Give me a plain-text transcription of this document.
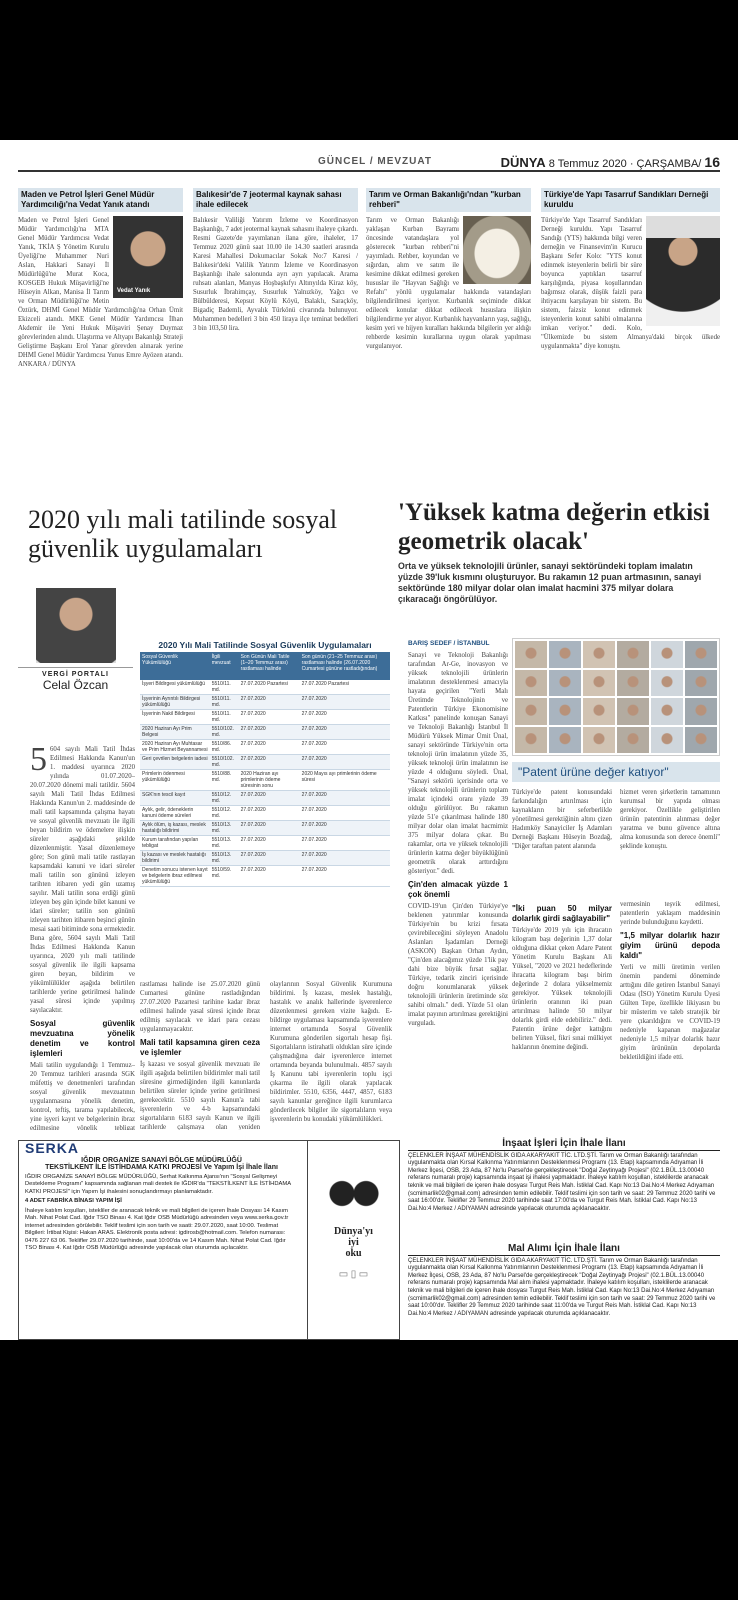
GÜNCEL / MEVZUAT	DÜNYA 8 Temmuz 2020 · ÇARŞAMBA/ 16
Maden ve Petrol İşleri Genel Müdür Yardımcılığı'na Vedat Yanık atandı
Vedat Yanık

Maden ve Petrol İşleri Genel Müdür Yardımcılığı'na MTA Genel Müdür Yardımcısı Vedat Yanık, TKİA Ş Yönetim Kurulu Üyeliği'ne Muhammer Nuri Aslan, Hakkari Sanayi İl Müdürlüğü'ne Murat Koca, KOSGEB Hukuk Müşavirliği'ne Hüseyin Alkan, Manisa İl Tarım ve Orman Müdürlüğü'ne Metin Öztürk, DHMİ Genel Müdür Yardımcılığı'na Orhan Ümit Ekizceli atandı. MKE Genel Müdür Yardımcısı İlhan Akdemir ile Yeni Hukuk Müşaviri Şenay Duymaz görevlerinden alındı. Ulaştırma ve Altyapı Bakanlığı Strateji Geliştirme Başkanı Erol Yanar görevden alınarak yerine DHMİ Genel Müdür Yardımcısı Yunus Emre Ayözen atandı. ANKARA / DÜNYA

Balıkesir'de 7 jeotermal kaynak sahası ihale edilecek

Balıkesir Valiliği Yatırım İzleme ve Koordinasyon Başkanlığı, 7 adet jeotermal kaynak sahasını ihaleye çıkardı. Resmi Gazete'de yayımlanan ilana göre, ihaleler, 17 Temmuz 2020 günü saat 10.00 ile 14.30 saatleri arasında Karesi Mahallesi Dokumacılar Sokak No:7 Karesi / Balıkesir'deki Valilik Yatırım İzleme ve Koordinasyon Başkanlığı ihale salonunda ayrı ayrı yapılacak. Arama ruhsatı alanları, Manyas Hoşbaşkıfyı Altınyılda Kiraz köy, Susurluk İbrahimçay, Susurluk Yalnızköy, Yağcı ve Bülbülderesi, Kepsut Köylü Köyü, Balaklı, Saraçköy, Bigadiç Bademli, Ayvalık Türkönü civarında bulunuyor. Muhammen bedelleri 3 bin 450 liraya ilçe teminat bedelleri 3 bin 103,50 lira.

Tarım ve Orman Bakanlığı'ndan "kurban rehberi"

Tarım ve Orman Bakanlığı yaklaşan Kurban Bayramı öncesinde vatandaşlara yol gösterecek "kurban rehberi"ni yayımladı. Rehber, koyundan ve sığırdan, alım ve satım ile kesimine dikkat edilmesi gereken hususlar ile "Hayvan Sağlığı ve Refahı" yönlü uygulamalar hakkında vatandaşları bilgilendirilmesi içeriyor. Kurbanlık seçiminde dikkat edilecek konular dikkat edilecek hususlara ilişkin bilgilendirme yer alıyor. Kurbanlık hayvanların yaşı, sağlığı, kesim yeri ve hijyen kuralları hakkında bilgilerin yer aldığı rehberde kesimin kurallarına uygun olarak yapılması vurgulanıyor.

Türkiye'de Yapı Tasarruf Sandıkları Derneği kuruldu

Türkiye'de Yapı Tasarruf Sandıkları Derneği kuruldu. Yapı Tasarruf Sandığı (YTS) hakkında bilgi veren derneğin ve Finansevim'in Kurucu Başkanı Sefer Kolo: "YTS konut edinmek isteyenlerin belirli bir süre boyunca yaptıkları tasarruf karşılığında, piyasa koşullarından bağımsız olarak, düşük faizli para ihtiyacını karşılayan bir sistem. Bu sistem, faizsiz konut edinmek isteyenlerin konut sahibi olmalarına imkan veriyor." dedi. Kolo, "Ülkemizde bu sistem Almanya'daki birçok ülkede uygulanmakta" diye konuştu.

2020 yılı mali tatilinde sosyal güvenlik uygulamaları
VERGİ PORTALI
Celal Özcan
5 604 sayılı Mali Tatil İhdas Edilmesi Hakkında Kanun'un 1. maddesi uyarınca 2020 yılında 01.07.2020–20.07.2020 dönemi mali tatildir. 5604 sayılı Mali Tatil İhdas Edilmesi Hakkında Kanun'un 2. maddesinde de mali tatil kapsamında çalışma hayatı ve sosyal güvenlik mevzuatı ile ilgili beyan bildirim ve ödemelere ilişkin süreler aşağıdaki şekilde düzenlenmiştir. Yasal düzenlemeye göre; Son günü mali tatile rastlayan kapsamdaki kanuni ve idari süreler mali tatilin son gününü izleyen tarihten itibaren yedi gün uzamış sayılır. Mali tatilin sona erdiği günü izleyen beş gün içinde bilet kanuni ve idari süreler; tatilin son gününü izleyen tarihten itibaren beşinci günün mesai saati bitiminde sona ermektedir. Buna göre, 5604 sayılı Mali Tatil İhdas Edilmesi Hakkında Kanun uyarınca, 2020 yılı mali tatilinde sosyal güvenlik ile ilgili kapsama giren beyan, bildirim ve yükümlülükler aşağıda belirtilen tarihlerde yerine getirilmesi halinde yasal süresi içinde yapılmış sayılacaktır.
Sosyal güvenlik mevzuatına yönelik denetim ve kontrol işlemleri
Mali tatilin uygulandığı 1 Temmuz–20 Temmuz tarihleri arasında SGK müfettiş ve denetmenleri tarafından sosyal güvenlik mevzuatının uygulanmasına yönelik denetim, kontrol, teftiş, tarama yapılabilecek, yine işyeri kayıt ve belgelerinin ibraz edilmesine yönelik tebligat
2020 Yılı Mali Tatilinde Sosyal Güvenlik Uygulamaları
Sosyal Güvenlik Yükümlülüğü	İlgili mevzuat	Son Günün Mali Tatile (1–20 Temmuz arası) rastlaması halinde	Son günün (21–25 Temmuz arası) rastlaması halinde (26.07.2020 Cumartesi gününe rastladığından)
İşyeri Bildirgesi yükümlülüğü	5510/11. md.	27.07.2020 Pazartesi	27.07.2020 Pazartesi
İşyerinin Ayrıntılı Bildirgesi yükümlülüğü	5510/11. md.	27.07.2020	27.07.2020
İşyerinin Nakil Bildirgesi	5510/11. md.	27.07.2020	27.07.2020
2020 Haziran Ayı Prim Belgesi	5510/102. md.	27.07.2020	27.07.2020
2020 Haziran Ayı Muhtasar ve Prim Hizmet Beyannamesi	5510/86. md.	27.07.2020	27.07.2020
Geri çevrilen belgelerin iadesi	5510/102. md.	27.07.2020	27.07.2020
Primlerin ödenmesi yükümlülüğü	5510/88. md.	2020 Haziran ayı primlerinin ödeme süresinin sonu	2020 Mayıs ayı primlerinin ödeme süresi
SGK'nın tescil kayıt	5510/12. md.	27.07.2020	27.07.2020
Aylık, gelir, ödeneklerin kanuni ödeme süreleri	5510/12. md.	27.07.2020	27.07.2020
Aylık ölüm, iş kazası, meslek hastalığı bildirimi	5510/13. md.	27.07.2020	27.07.2020
Kurum tarafından yapılan tebligat	5510/13. md.	27.07.2020	27.07.2020
İş kazası ve meslek hastalığı bildirimi	5510/13. md.	27.07.2020	27.07.2020
Denetim sonucu istenen kayıt ve belgelerin ibraz edilmesi yükümlülüğü	5510/59. md.	27.07.2020	27.07.2020
rastlaması halinde ise 25.07.2020 günü Cumartesi gününe rastladığından 27.07.2020 Pazartesi tarihine kadar ibraz edilmesi halinde yasal süresi içinde ibraz edilmiş sayılacak ve idari para cezası uygulanmayacaktır.
Mali tatil kapsamına giren ceza ve işlemler
İş kazası ve sosyal güvenlik mevzuatı ile ilgili aşağıda belirtilen bildirimler mali tatil süresine girmediğinden ilgili kanunlarda belirtilen süreler içinde yerine getirilmesi gerekecektir. 5510 sayılı Kanun'a tabi işverenlerin ve 4-b kapsamındaki sigortalıların 6183 sayılı Kanun ve ilgili tarihlerde çalışmaya olan yeniden
olaylarının Sosyal Güvenlik Kurumuna bildirimi. İş kazası, meslek hastalığı, hastalık ve analık hallerinde işverenlerce düzenlenmesi gereken vizite kağıdı. E-bildirge uygulaması kapsamında işverenlere internet ortamında Sosyal Güvenlik Kurumuna gönderilen sigortalı hesap fişi. Sigortalıların istirahatli olduklan süre içinde çalışmadığına dair işverenlerce internet ortamında beyanda bulunulmalı. 4857 sayılı İş Kanunu tabi işverenlerin toplu işçi çıkarma ile ilgili olarak yapılacak bildirimler. 5510, 6356, 4447, 4857, 6183 sayılı kanunlar gereğince ilgili kurumlarca gönderilecek bilgiler ile sigortalıların veya işverenlerin bu konudaki yükümlülükleri.
'Yüksek katma değerin etkisi geometrik olacak'
Orta ve yüksek teknolojili ürünler, sanayi sektöründeki toplam imalatın yüzde 39'luk kısmını oluşturuyor. Bu rakamın 12 puan artmasının, sanayi sektöründe 180 milyar dolar olan imalat hacmini 375 milyar dolara çıkaracağı öngörülüyor.
BARIŞ SEDEF / İSTANBUL
Sanayi ve Teknoloji Bakanlığı tarafından Ar-Ge, inovasyon ve yüksek teknolojili ürünlerin imalatının desteklenmesi amacıyla hayata geçirilen "Yerli Malı Üretimde Teknolojinin ve Patentlerin Türkiye Ekonomisine Katkısı" panelinde konuşan Sanayi ve Teknoloji Bakanlığı İstanbul İl Müdürü Yüksek Mimar Ümit Ünal, sanayi sektöründe Türkiye'nin orta teknoloji ürün imalatının yüzde 35, yüksek teknoloji ürün imalatının ise yüzde 4 olduğunu söyledi. Ünal, "Sanayi sektörü içerisinde orta ve yüksek teknolojili ürünlerin toplam imalat içindeki oranı yüzde 39 olduğu görülüyor. Bu rakamın yüzde 51'e çıkarılması halinde 180 milyar dolar olan imalat hacmimiz 375 milyar dolara çıkar. Bu rakamlar, orta ve yüksek teknolojili ürünlerin katma değer büyüklüğünü geometrik olarak arttırdığını gösteriyor." dedi.
Çin'den almacak yüzde 1 çok önemli
COVID-19'un Çin'den Türkiye'ye beklenen yatırımlar konusunda Türkiye'nin bu krizi fırsata çevirebileceğini söyleyen Anadolu Aslanları İşadamları Derneği (ASKON) Başkan Orhan Aydın, "Çin'den alacağımız yüzde 1'lik pay dahi bize büyük fırsat sağlar. Türkiye, tedarik zinciri içerisinde doğru konumlanarak yüksek teknolojili ürünlerin üretiminde söz sahibi olmalı." dedi. Yüzde 51 olan imalat payının artırılması gerektiğini vurguladı.
"Patent ürüne değer katıyor"
Türkiye'de patent konusundaki farkındalığın artırılması için kaynakların bir seferberlikle yönetilmesi gerektiğinin altını çizen Hadımköy Sanayiciler İş Adamları Derneği Başkanı Hüseyin Bozdağ, "Diğer taraftan patent alanında
hizmet veren şirketlerin tamamının kurumsal bir yapıda olması gerekiyor. Özellikle geliştirilen ürünün patentinin alınması değer yaratma ve bunu güvence altına alma konusunda son derece önemli" şeklinde konuştu.
"İki puan 50 milyar dolarlık girdi sağlayabilir"
Türkiye'de 2019 yılı için ihracatın kilogram başı değerinin 1,37 dolar olduğuna dikkat çeken Adare Patent Yönetim Kurulu Başkanı Ali Yüksel, "2020 ve 2021 hedeflerinde ihracatta kilogram başı birim değerinde 2 dolara yükselmemiz gerekiyor. Yüksek teknolojili ürünlerin oranının iki puan artırılması halinde 50 milyar dolarlık girdi elde edebiliriz." dedi. Patentin ürüne değer kattığını belirten Yüksel, fikri sınai mülkiyet haklarının önemine değindi.
vermesinin teşvik edilmesi, patentlerin yaklaşım maddesinin yerinde bulunduğunu kaydetti.
"1,5 milyar dolarlık hazır giyim ürünü depoda kaldı"
Yerli ve milli üretimin verilen önemin pandemi döneminde arttığını dile getiren İstanbul Sanayi Odası (İSO) Yönetim Kurulu Üyesi Gülten Tepe, özellikle likiyasın bu bir müsterim ve taleb stratejik bir yere çıkarıldığını ve COVID-19 nedeniyle kapanan mağazalar nedeniyle 1,5 milyar dolarlık hazır giyim ürününün depolarda bekletildiğini ifade etti.
SERKA
IĞDIR ORGANİZE SANAYİ BÖLGE MÜDÜRLÜĞÜ
TEKSTİLKENT İLE İSTİHDAMA KATKI PROJESİ Ve Yapım İşi İhale İlanı
IĞDIR ORGANİZE SANAYİ BÖLGE MÜDÜRLÜĞÜ, Serhat Kalkınma Ajansı'nın "Sosyal Gelişmeyi Destekleme Programı" kapsamında sağlanan mali destek ile IĞDIR'da "TEKSTİLKENT İLE İSTİHDAMA KATKI PROJESİ" için Yapım İşi ihalesini sonuçlandırmayı planlamaktadır.
4 ADET FABRİKA BİNASI YAPIM İŞİ
İhaleye katılım koşulları, istekliler de aranacak teknik ve mali bilgileri de içeren İhale Dosyası 14 Kasım Mah. Nihat Polat Cad. Iğdır TSO Binası 4. Kat Iğdır OSB Müdürlüğü adresinden veya www.serka.gov.tr internet adresinden görülebilir. Teklif teslimi için son tarih ve saati: 29.07.2020, saat 10:00. Teslimat Bilgileri: İrtibat Kişisi: Hakan ARAS. Elektronik posta adresi: igdirosb@hotmail.com. Telefon numarası: 0476 227 63 06. Teklifler 29.07.2020 tarihinde, saat 10:00'da ve 14 Kasım Mah. Nihat Polat Cad. Iğdır TSO Binası 4. Kat Iğdır OSB Müdürlüğü adresinde yapılacak olan oturumda açılacaktır.
Dünya'yı
iyi
oku
▭ ▯ ▭
İnşaat İşleri İçin İhale İlanı
ÇELENKLER İNŞAAT MÜHENDİSLİK GIDA AKARYAKIT TİC. LTD.ŞTİ. Tarım ve Orman Bakanlığı tarafından uygulanmakta olan Kırsal Kalkınma Yatırımlarının Desteklenmesi Programı (13. Etap) kapsamında Adıyaman İli Merkez İlçesi, OSB, 23 Ada, 87 No'lu Parsel'de gerçekleştirecek "Doğal Zeytinyağı Projesi" (02.1.BÜL.13.00040 referans numaralı proje) kapsamında inşaat işi ihalesi yapmaktadır. İhaleye katılım koşulları, isteklilerde aranacak teknik ve mali bilgileri de içeren ihale dosyası Turgut Reis Mah. İstiklal Cad. Kapı No:13 Dai.No:4 Merkez Adıyaman (scmimarlik02@gmail.com) adresinden temin edilebilir. Teklif teslimi için son tarih ve saat: 29 Temmuz 2020 tarihi ve saat 16:00'dır. Teklifler 29 Temmuz 2020 tarihinde saat 17:00'da ve Turgut Reis Mah. İstiklal Cad. Kapı No:13 Dai.No:4 Merkez / ADIYAMAN adresinde yapılacak oturumda açıklanacaktır.
Mal Alımı İçin İhale İlanı
ÇELENKLER İNŞAAT MÜHENDİSLİK GIDA AKARYAKIT TİC. LTD.ŞTİ. Tarım ve Orman Bakanlığı tarafından uygulanmakta olan Kırsal Kalkınma Yatırımlarının Desteklenmesi Programı (13. Etap) kapsamında Adıyaman İli Merkez İlçesi, OSB, 23 Ada, 87 No'lu Parsel'de gerçekleştirecek "Doğal Zeytinyağı Projesi" (02.1.BÜL.13.00040 referans numaralı proje) kapsamında Mal alım ihalesi yapmaktadır. İhaleye katılım koşulları, isteklilerde aranacak teknik ve mali bilgileri de içeren ihale dosyası Turgut Reis Mah. İstiklal Cad. Kapı No:13 Dai.No:4 Merkez Adıyaman (scmimarlik02@gmail.com) adresinden temin edilebilir. Teklif teslimi için son tarih ve saat: 29 Temmuz 2020 tarihi ve saat 10:00'dır. Teklifler 29 Temmuz 2020 tarihinde saat 11:00'da ve Turgut Reis Mah. İstiklal Cad. Kapı No:13 Dai.No:4 Merkez / ADIYAMAN adresinde yapılacak oturumda açıklanacaktır.
